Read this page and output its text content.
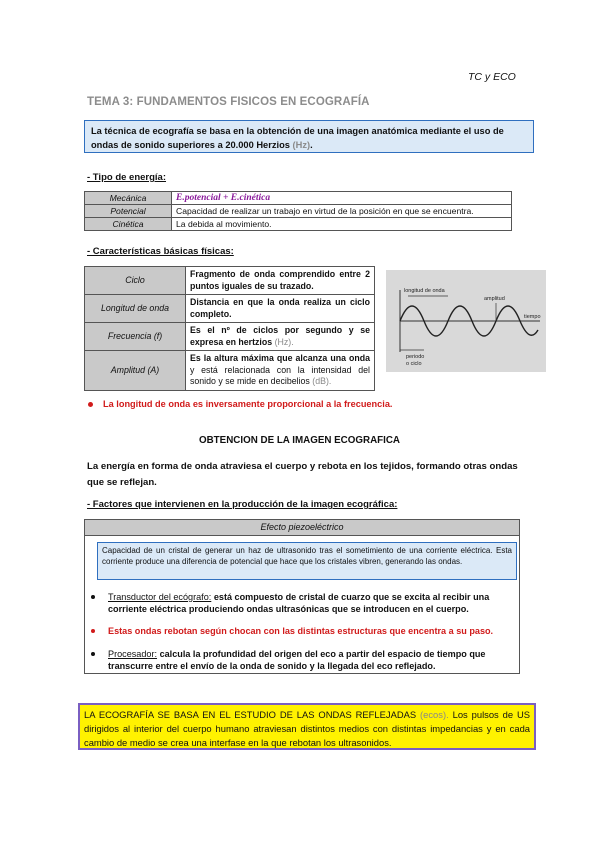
TC y ECO
TEMA 3: FUNDAMENTOS FISICOS EN ECOGRAFÍA
La técnica de ecografía se basa en la obtención de una imagen anatómica mediante el uso de ondas de sonido superiores a 20.000 Herzios (Hz).
- Tipo de energía:
Mecánica	E.potencial + E.cinética
Potencial	Capacidad de realizar un trabajo en virtud de la posición en que se encuentra.
Cinética	La debida al movimiento.
- Características básicas físicas:
Ciclo	Fragmento de onda comprendido entre 2 puntos iguales de su trazado.
Longitud de onda	Distancia en que la onda realiza un ciclo completo.
Frecuencia (f)	Es el nº de ciclos por segundo y se expresa en hertzios (Hz).
Amplitud (A)	Es la altura máxima que alcanza una onda y está relacionada con la intensidad del sonido y se mide en decibelios (dB).
longitud de onda
amplitud
tiempo
periodo
o ciclo
La longitud de onda es inversamente proporcional a la frecuencia.
OBTENCION DE LA IMAGEN ECOGRAFICA
La energía en forma de onda atraviesa el cuerpo y rebota en los tejidos, formando otras ondas que se reflejan.
- Factores que intervienen en la producción de la imagen ecográfica:
Efecto piezoeléctrico
Capacidad de un cristal de generar un haz de ultrasonido tras el sometimiento de una corriente eléctrica. Esta corriente produce una diferencia de potencial que hace que los cristales vibren, generando las ondas.
Transductor del ecógrafo: está compuesto de cristal de cuarzo que se excita al recibir una corriente eléctrica produciendo ondas ultrasónicas que se introducen en el cuerpo.
Estas ondas rebotan según chocan con las distintas estructuras que encentra a su paso.
Procesador: calcula la profundidad del origen del eco a partir del espacio de tiempo que transcurre entre el envío de la onda de sonido y la llegada del eco reflejado.
LA ECOGRAFÍA SE BASA EN EL ESTUDIO DE LAS ONDAS REFLEJADAS (ecos). Los pulsos de US dirigidos al interior del cuerpo humano atraviesan distintos medios con distintas impedancias y en cada cambio de medio se crea una interfase en la que rebotan los ultrasonidos.
